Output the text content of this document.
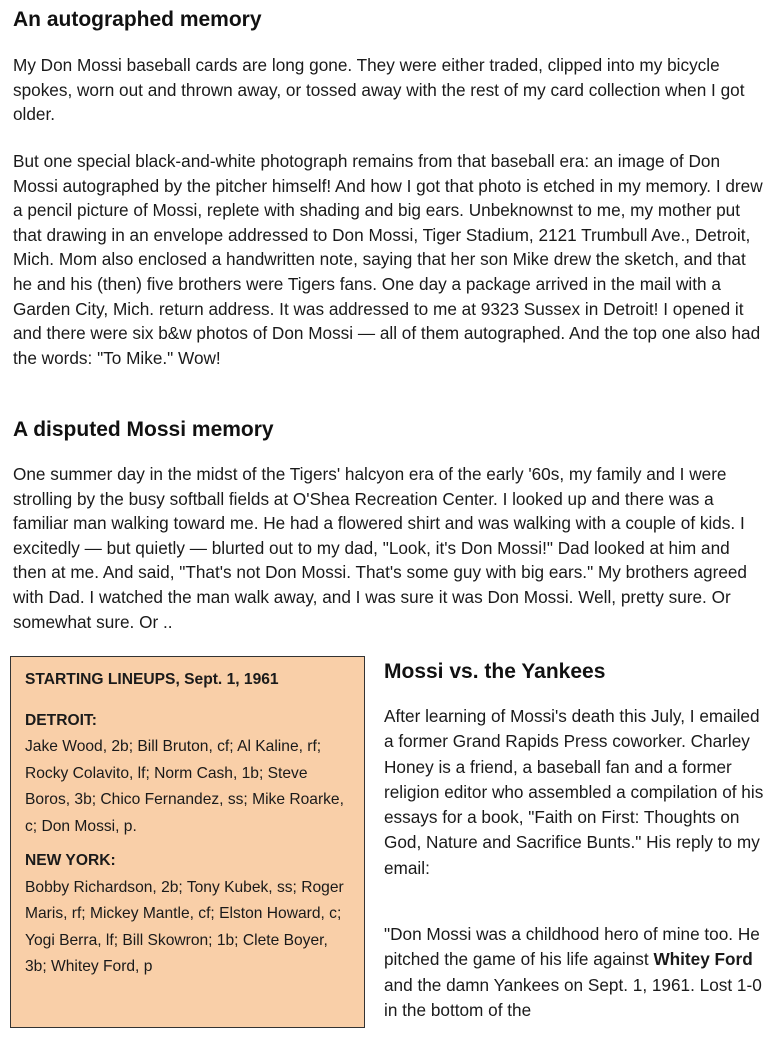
An autographed memory

My Don Mossi baseball cards are long gone. They were either traded, clipped into my bicycle spokes, worn out and thrown away, or tossed away with the rest of my card collection when I got older.

But one special black-and-white photograph remains from that baseball era: an image of Don Mossi autographed by the pitcher himself! And how I got that photo is etched in my memory. I drew a pencil picture of Mossi, replete with shading and big ears. Unbeknownst to me, my mother put that drawing in an envelope addressed to Don Mossi, Tiger Stadium, 2121 Trumbull Ave., Detroit, Mich. Mom also enclosed a handwritten note, saying that her son Mike drew the sketch, and that he and his (then) five brothers were Tigers fans. One day a package arrived in the mail with a Garden City, Mich. return address. It was addressed to me at 9323 Sussex in Detroit! I opened it and there were six b&w photos of Don Mossi — all of them autographed. And the top one also had the words: "To Mike." Wow!

A disputed Mossi memory

One summer day in the midst of the Tigers' halcyon era of the early '60s, my family and I were strolling by the busy softball fields at O'Shea Recreation Center. I looked up and there was a familiar man walking toward me. He had a flowered shirt and was walking with a couple of kids. I excitedly — but quietly — blurted out to my dad, "Look, it's Don Mossi!" Dad looked at him and then at me. And said, "That's not Don Mossi. That's some guy with big ears." My brothers agreed with Dad. I watched the man walk away, and I was sure it was Don Mossi. Well, pretty sure. Or somewhat sure. Or ..

STARTING LINEUPS, Sept. 1, 1961
DETROIT:
Jake Wood, 2b; Bill Bruton, cf; Al Kaline, rf; Rocky Colavito, lf; Norm Cash, 1b; Steve Boros, 3b; Chico Fernandez, ss; Mike Roarke, c; Don Mossi, p.
NEW YORK:
Bobby Richardson, 2b; Tony Kubek, ss; Roger Maris, rf; Mickey Mantle, cf; Elston Howard, c; Yogi Berra, lf; Bill Skowron; 1b; Clete Boyer, 3b; Whitey Ford, p
Mossi vs. the Yankees

After learning of Mossi's death this July, I emailed a former Grand Rapids Press coworker. Charley Honey is a friend, a baseball fan and a former religion editor who assembled a compilation of his essays for a book, "Faith on First: Thoughts on God, Nature and Sacrifice Bunts." His reply to my email:

"Don Mossi was a childhood hero of mine too. He pitched the game of his life against Whitey Ford and the damn Yankees on Sept. 1, 1961. Lost 1-0 in the bottom of the
